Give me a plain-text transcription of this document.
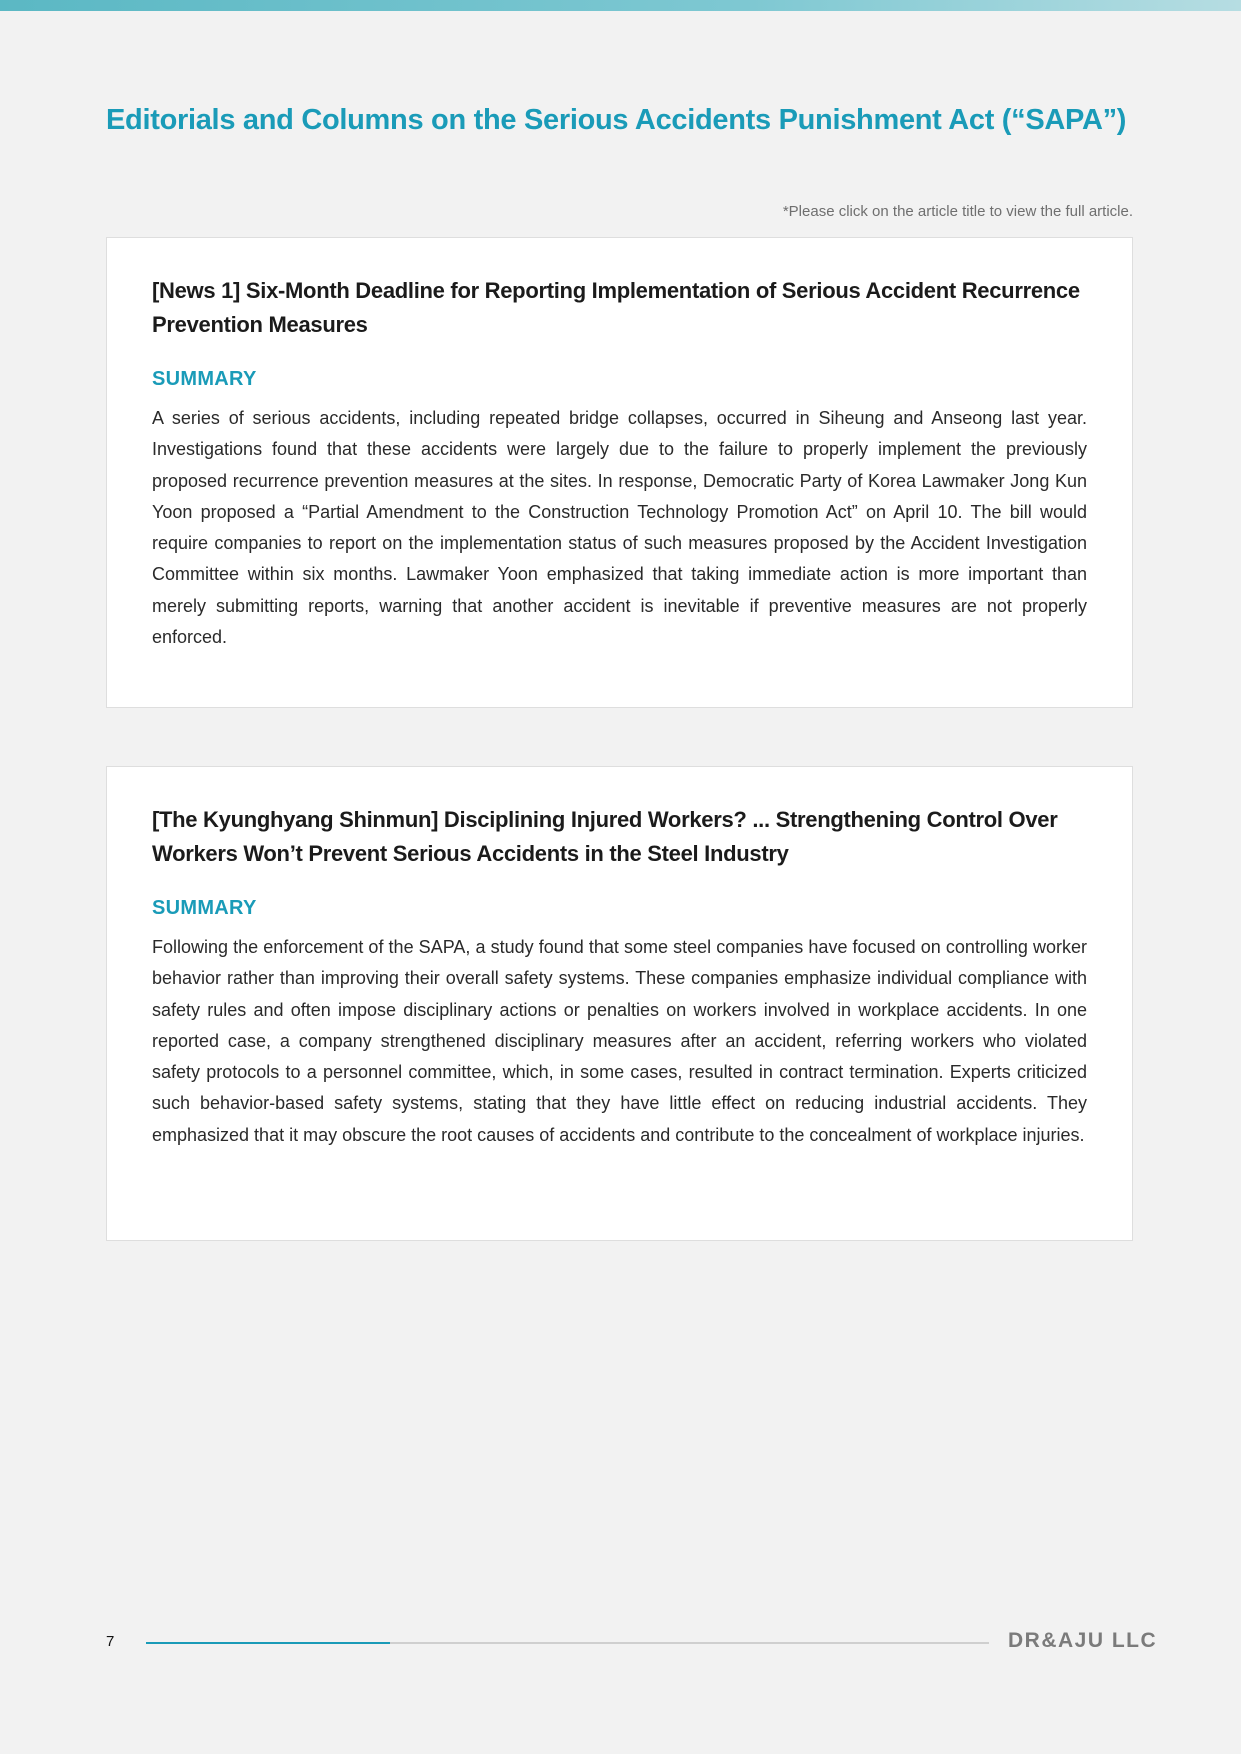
Editorials and Columns on the Serious Accidents Punishment Act (“SAPA”)
*Please click on the article title to view the full article.
[News 1] Six-Month Deadline for Reporting Implementation of Serious Accident Recurrence Prevention Measures
SUMMARY
A series of serious accidents, including repeated bridge collapses, occurred in Siheung and Anseong last year. Investigations found that these accidents were largely due to the failure to properly implement the previously proposed recurrence prevention measures at the sites. In response, Democratic Party of Korea Lawmaker Jong Kun Yoon proposed a “Partial Amendment to the Construction Technology Promotion Act” on April 10. The bill would require companies to report on the implementation status of such measures proposed by the Accident Investigation Committee within six months. Lawmaker Yoon emphasized that taking immediate action is more important than merely submitting reports, warning that another accident is inevitable if preventive measures are not properly enforced.
[The Kyunghyang Shinmun] Disciplining Injured Workers? ... Strengthening Control Over Workers Won’t Prevent Serious Accidents in the Steel Industry
SUMMARY
Following the enforcement of the SAPA, a study found that some steel companies have focused on controlling worker behavior rather than improving their overall safety systems. These companies emphasize individual compliance with safety rules and often impose disciplinary actions or penalties on workers involved in workplace accidents. In one reported case, a company strengthened disciplinary measures after an accident, referring workers who violated safety protocols to a personnel committee, which, in some cases, resulted in contract termination. Experts criticized such behavior-based safety systems, stating that they have little effect on reducing industrial accidents. They emphasized that it may obscure the root causes of accidents and contribute to the concealment of workplace injuries.
7	DR&AJU LLC
